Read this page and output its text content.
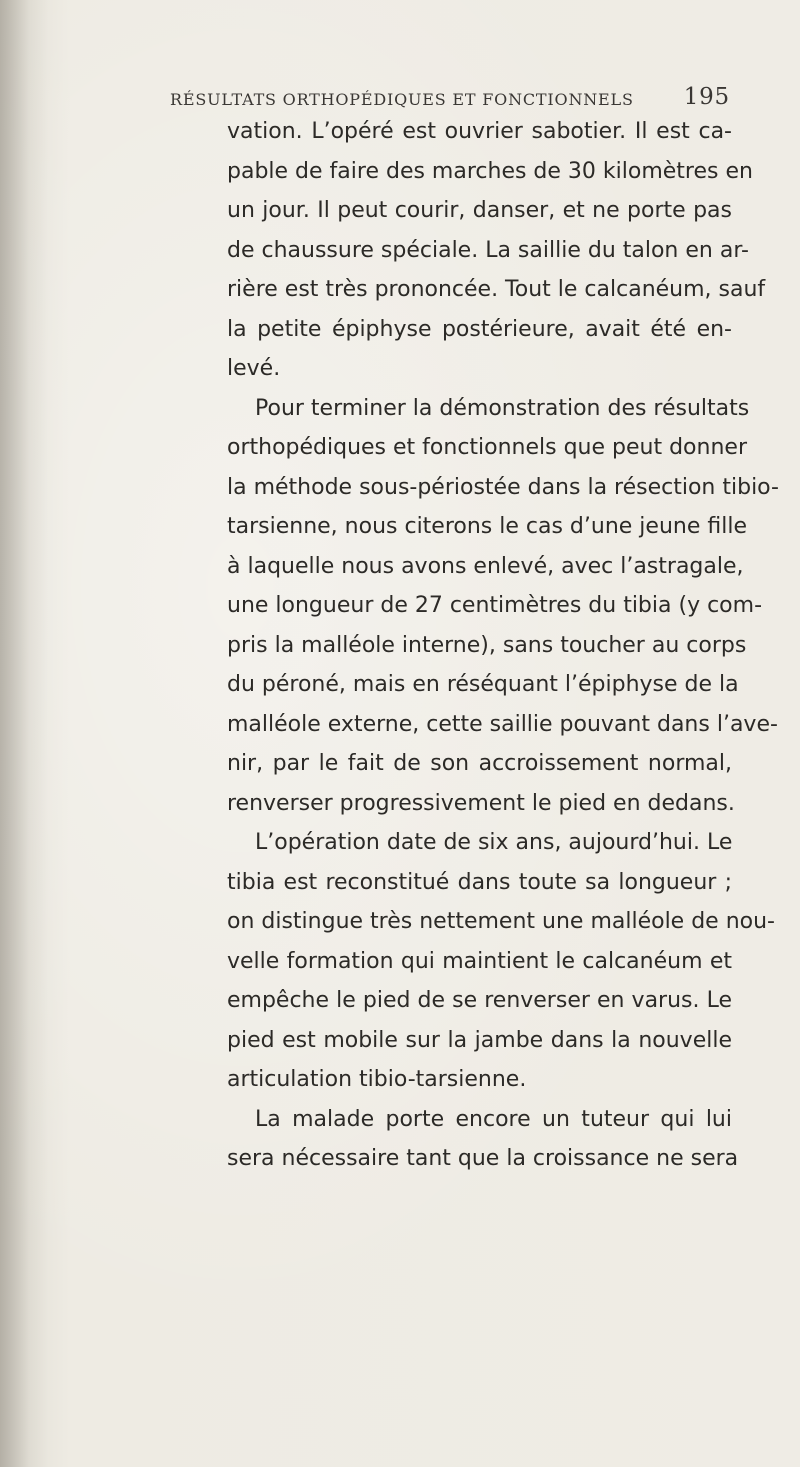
RÉSULTATS ORTHOPÉDIQUES ET FONCTIONNELS 195
vation. L’opéré est ouvrier sabotier. Il est ca-
pable de faire des marches de 30 kilomètres en
un jour. Il peut courir, danser, et ne porte pas
de chaussure spéciale. La saillie du talon en ar-
rière est très prononcée. Tout le calcanéum, sauf
la petite épiphyse postérieure, avait été en-
levé.
Pour terminer la démonstration des résultats
orthopédiques et fonctionnels que peut donner
la méthode sous-périostée dans la résection tibio-
tarsienne, nous citerons le cas d’une jeune fille
à laquelle nous avons enlevé, avec l’astragale,
une longueur de 27 centimètres du tibia (y com-
pris la malléole interne), sans toucher au corps
du péroné, mais en réséquant l’épiphyse de la
malléole externe, cette saillie pouvant dans l’ave-
nir, par le fait de son accroissement normal,
renverser progressivement le pied en dedans.
L’opération date de six ans, aujourd’hui. Le
tibia est reconstitué dans toute sa longueur ;
on distingue très nettement une malléole de nou-
velle formation qui maintient le calcanéum et
empêche le pied de se renverser en varus. Le
pied est mobile sur la jambe dans la nouvelle
articulation tibio-tarsienne.
La malade porte encore un tuteur qui lui
sera nécessaire tant que la croissance ne sera
